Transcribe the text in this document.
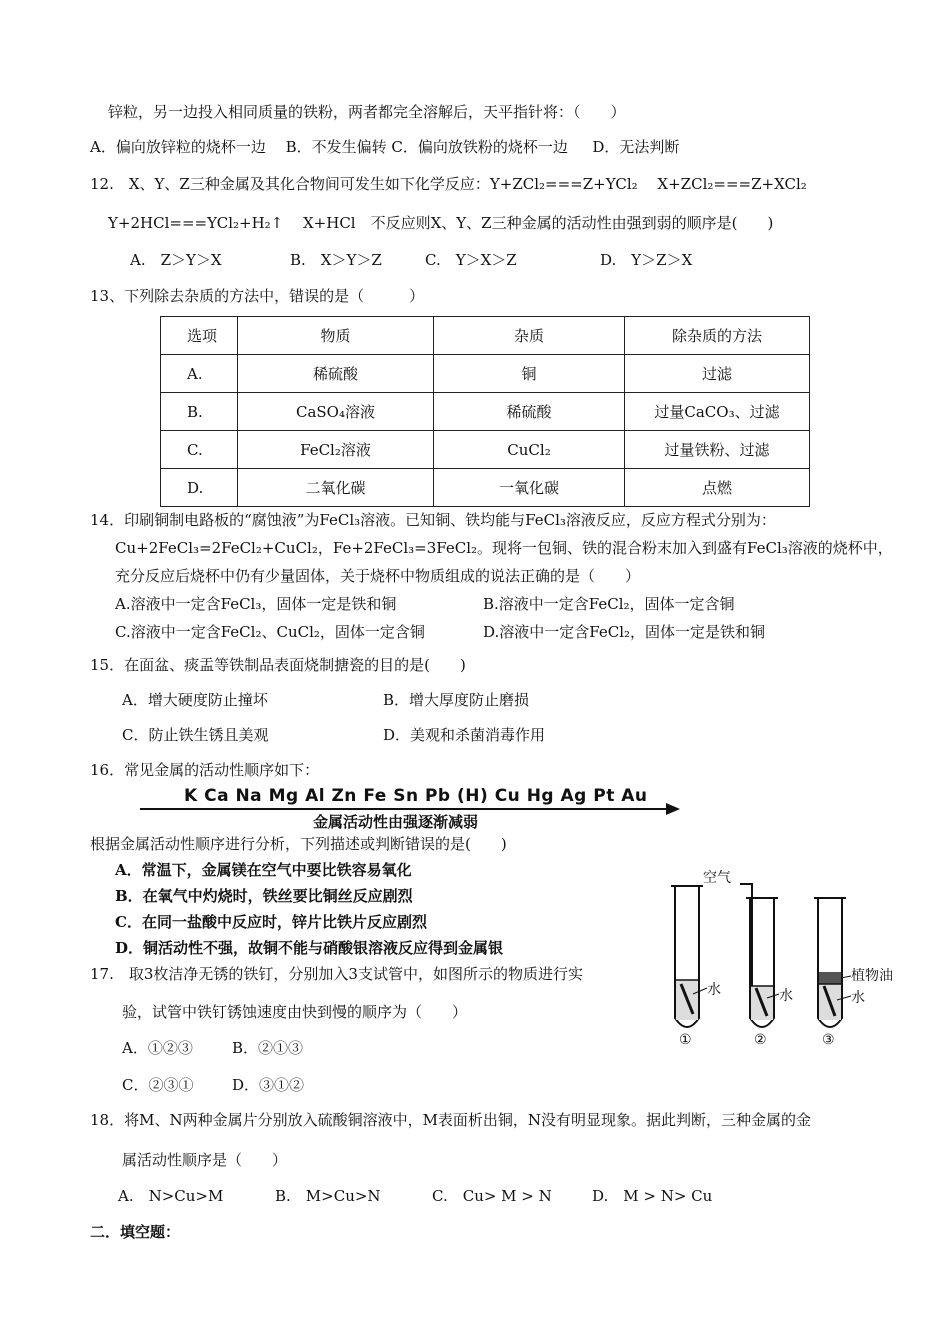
锌粒，另一边投入相同质量的铁粉，两者都完全溶解后，天平指针将：（　　）
A．偏向放锌粒的烧杯一边　 B．不发生偏转 C．偏向放铁粉的烧杯一边 　 D．无法判断
12.　X、Y、Z三种金属及其化合物间可发生如下化学反应：Y+ZCl₂===Z+YCl₂　 X+ZCl₂===Z+XCl₂
Y+2HCl===YCl₂+H₂↑　 X+HCl　不反应则X、Y、Z三种金属的活动性由强到弱的顺序是(　　)
A.　Z＞Y＞X	B.　X＞Y＞Z	C.　Y＞X＞Z	D.　Y＞Z＞X
13、下列除去杂质的方法中，错误的是（　　　）
选项	物质	杂质	除杂质的方法
A.	稀硫酸	铜	过滤
B.	CaSO₄溶液	稀硫酸	过量CaCO₃、过滤
C.	FeCl₂溶液	CuCl₂	过量铁粉、过滤
D.	二氧化碳	一氧化碳	点燃
14．印刷铜制电路板的“腐蚀液”为FeCl₃溶液。已知铜、铁均能与FeCl₃溶液反应，反应方程式分别为：
Cu+2FeCl₃=2FeCl₂+CuCl₂，Fe+2FeCl₃=3FeCl₂。现将一包铜、铁的混合粉末加入到盛有FeCl₃溶液的烧杯中，
充分反应后烧杯中仍有少量固体，关于烧杯中物质组成的说法正确的是（　　）
A.溶液中一定含FeCl₃，固体一定是铁和铜	B.溶液中一定含FeCl₂，固体一定含铜
C.溶液中一定含FeCl₂、CuCl₂，固体一定含铜	D.溶液中一定含FeCl₂，固体一定是铁和铜
15．在面盆、痰盂等铁制品表面烧制搪瓷的目的是(　　)
A．增大硬度防止撞坏	B．增大厚度防止磨损
C．防止铁生锈且美观	D．美观和杀菌消毒作用
16．常见金属的活动性顺序如下：
K Ca Na Mg Al Zn Fe Sn Pb (H) Cu Hg Ag Pt Au
金属活动性由强逐渐减弱
根据金属活动性顺序进行分析，下列描述或判断错误的是(　　)
A．常温下，金属镁在空气中要比铁容易氧化
B．在氧气中灼烧时，铁丝要比铜丝反应剧烈
C．在同一盐酸中反应时，锌片比铁片反应剧烈
D．铜活动性不强，故铜不能与硝酸银溶液反应得到金属银
17.　取3枚洁净无锈的铁钉，分别加入3支试管中，如图所示的物质进行实
验，试管中铁钉锈蚀速度由快到慢的顺序为（　　）
A．①②③	B．②①③
C．②③①	D．③①②
水
①
空气
水
②
植物油
水
③
18．将M、N两种金属片分别放入硫酸铜溶液中，M表面析出铜，N没有明显现象。据此判断，三种金属的金
属活动性顺序是（　　）
A.　N>Cu>M	B.　M>Cu>N	C.　Cu> M > N	D.　M > N> Cu
二．填空题：
